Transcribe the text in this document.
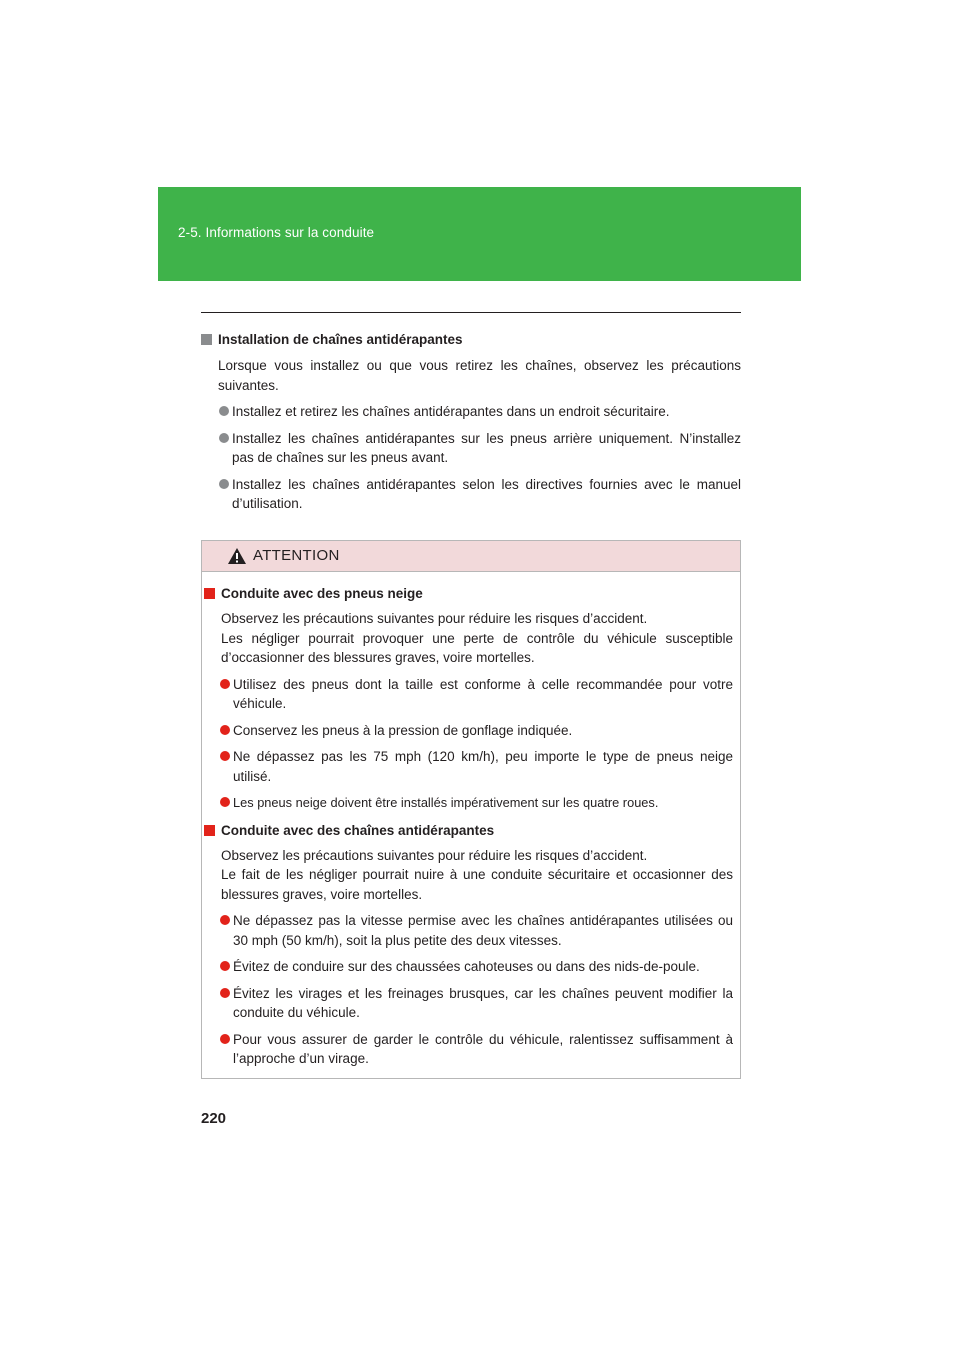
2-5. Informations sur la conduite
Installation de chaînes antidérapantes
Lorsque vous installez ou que vous retirez les chaînes, observez les précautions suivantes.
Installez et retirez les chaînes antidérapantes dans un endroit sécuritaire.
Installez les chaînes antidérapantes sur les pneus arrière uniquement. N’installez pas de chaînes sur les pneus avant.
Installez les chaînes antidérapantes selon les directives fournies avec le manuel d’utilisation.
ATTENTION
Conduite avec des pneus neige
Observez les précautions suivantes pour réduire les risques d’accident.
Les négliger pourrait provoquer une perte de contrôle du véhicule susceptible d’occasionner des blessures graves, voire mortelles.
Utilisez des pneus dont la taille est conforme à celle recommandée pour votre véhicule.
Conservez les pneus à la pression de gonflage indiquée.
Ne dépassez pas les 75 mph (120 km/h), peu importe le type de pneus neige utilisé.
Les pneus neige doivent être installés impérativement sur les quatre roues.
Conduite avec des chaînes antidérapantes
Observez les précautions suivantes pour réduire les risques d’accident.
Le fait de les négliger pourrait nuire à une conduite sécuritaire et occasionner des blessures graves, voire mortelles.
Ne dépassez pas la vitesse permise avec les chaînes antidérapantes utilisées ou 30 mph (50 km/h), soit la plus petite des deux vitesses.
Évitez de conduire sur des chaussées cahoteuses ou dans des nids-de-poule.
Évitez les virages et les freinages brusques, car les chaînes peuvent modifier la conduite du véhicule.
Pour vous assurer de garder le contrôle du véhicule, ralentissez suffisamment à l’approche d’un virage.
220
